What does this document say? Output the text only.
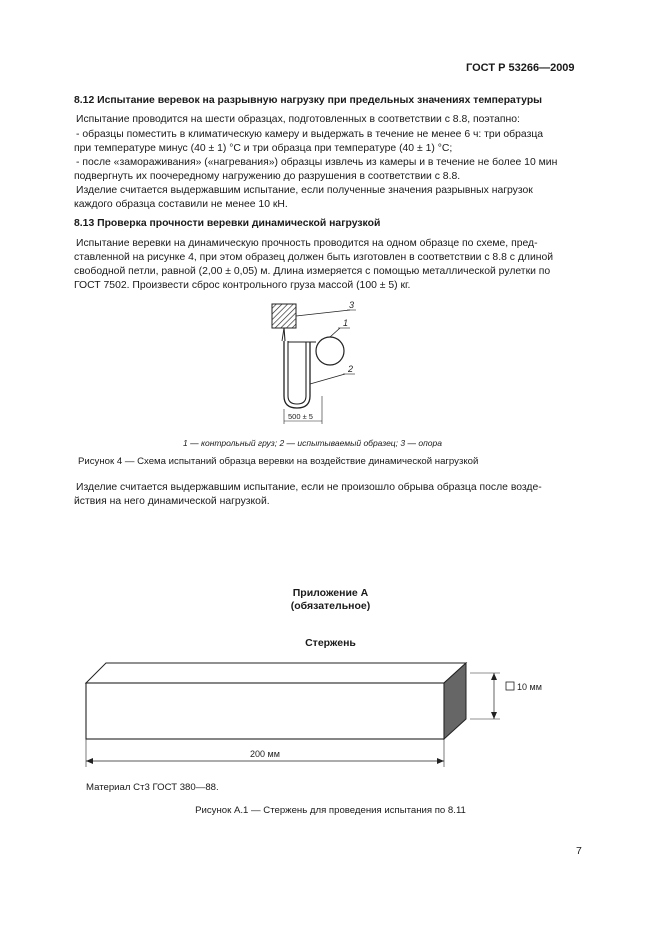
ГОСТ Р 53266—2009
8.12 Испытание веревок на разрывную нагрузку при предельных значениях температуры
Испытание проводится на шести образцах, подготовленных в соответствии с 8.8, поэтапно:
- образцы поместить в климатическую камеру и выдержать в течение не менее 6 ч: три образца
при температуре минус (40 ± 1) °С и три образца при температуре (40 ± 1) °С;
- после «замораживания» («нагревания») образцы извлечь из камеры и в течение не более 10 мин
подвергнуть их поочередному нагружению до разрушения в соответствии с 8.8.
Изделие считается выдержавшим испытание, если полученные значения разрывных нагрузок
каждого образца составили не менее 10 кН.
8.13 Проверка прочности веревки динамической нагрузкой
Испытание веревки на динамическую прочность проводится на одном образце по схеме, пред-
ставленной на рисунке 4, при этом образец должен быть изготовлен в соответствии с 8.8 с длиной
свободной петли, равной (2,00 ± 0,05) м. Длина измеряется с помощью металлической рулетки по
ГОСТ 7502. Произвести сброс контрольного груза массой (100 ± 5) кг.
3
1
2
500 ± 5
1 — контрольный груз; 2 — испытываемый образец; 3 — опора
Рисунок 4 — Схема испытаний образца веревки на воздействие динамической нагрузкой
Изделие считается выдержавшим испытание, если не произошло обрыва образца после возде-
йствия на него динамической нагрузкой.
Приложение А
(обязательное)
Стержень
10 мм
200 мм
Материал Ст3 ГОСТ 380—88.
Рисунок А.1 — Стержень для проведения испытания по 8.11
7
